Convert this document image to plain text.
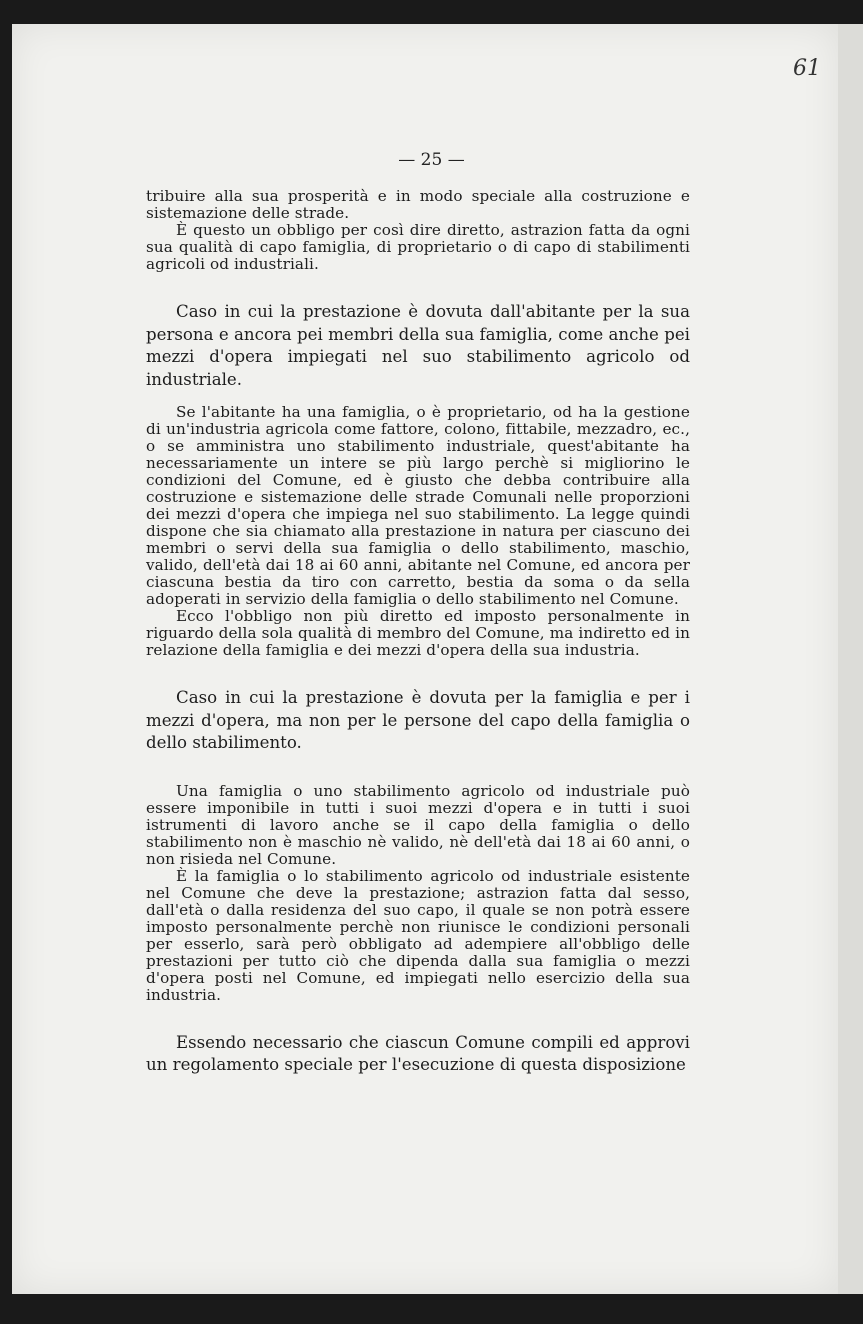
61
— 25 —

tribuire alla sua prosperità e in modo speciale alla costruzione e sistemazione delle strade.

È questo un obbligo per così dire diretto, astrazion fatta da ogni sua qualità di capo famiglia, di proprietario o di capo di stabilimenti agricoli od industriali.

Caso in cui la prestazione è dovuta dall'abitante per la sua persona e ancora pei membri della sua famiglia, come anche pei mezzi d'opera impiegati nel suo stabilimento agricolo od industriale.

Se l'abitante ha una famiglia, o è proprietario, od ha la gestione di un'industria agricola come fattore, colono, fittabile, mezzadro, ec., o se amministra uno stabilimento industriale, quest'abitante ha necessariamente un intere se più largo perchè si migliorino le condizioni del Comune, ed è giusto che debba contribuire alla costruzione e sistemazione delle strade Comunali nelle proporzioni dei mezzi d'opera che impiega nel suo stabilimento. La legge quindi dispone che sia chiamato alla prestazione in natura per ciascuno dei membri o servi della sua famiglia o dello stabilimento, maschio, valido, dell'età dai 18 ai 60 anni, abitante nel Comune, ed ancora per ciascuna bestia da tiro con carretto, bestia da soma o da sella adoperati in servizio della famiglia o dello stabilimento nel Comune.

Ecco l'obbligo non più diretto ed imposto personalmente in riguardo della sola qualità di membro del Comune, ma indiretto ed in relazione della famiglia e dei mezzi d'opera della sua industria.

Caso in cui la prestazione è dovuta per la famiglia e per i mezzi d'opera, ma non per le persone del capo della famiglia o dello stabilimento.

Una famiglia o uno stabilimento agricolo od industriale può essere imponibile in tutti i suoi mezzi d'opera e in tutti i suoi istrumenti di lavoro anche se il capo della famiglia o dello stabilimento non è maschio nè valido, nè dell'età dai 18 ai 60 anni, o non risieda nel Comune.

È la famiglia o lo stabilimento agricolo od industriale esistente nel Comune che deve la prestazione; astrazion fatta dal sesso, dall'età o dalla residenza del suo capo, il quale se non potrà essere imposto personalmente perchè non riunisce le condizioni personali per esserlo, sarà però obbligato ad adempiere all'obbligo delle prestazioni per tutto ciò che dipenda dalla sua famiglia o mezzi d'opera posti nel Comune, ed impiegati nello esercizio della sua industria.

Essendo necessario che ciascun Comune compili ed approvi un regolamento speciale per l'esecuzione di questa disposizione
